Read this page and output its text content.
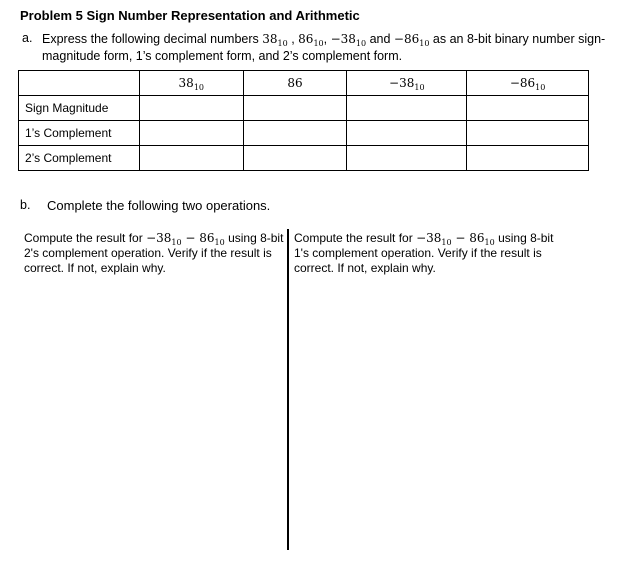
Problem 5 Sign Number Representation and Arithmetic
a. Express the following decimal numbers $38_{10}$ , $86_{10}$, $-38_{10}$ and $-86_{10}$ as an 8-bit binary number sign-magnitude form, 1’s complement form, and 2’s complement form.
	$38_{10}$	86	$-38_{10}$	$-86_{10}$
Sign Magnitude				
1’s Complement				
2’s Complement				
b. Complete the following two operations.
Compute the result for $-38_{10} - 86_{10}$ using 8-bit 2's complement operation. Verify if the result is correct. If not, explain why.
Compute the result for $-38_{10} - 86_{10}$ using 8-bit 1's complement operation. Verify if the result is correct. If not, explain why.
